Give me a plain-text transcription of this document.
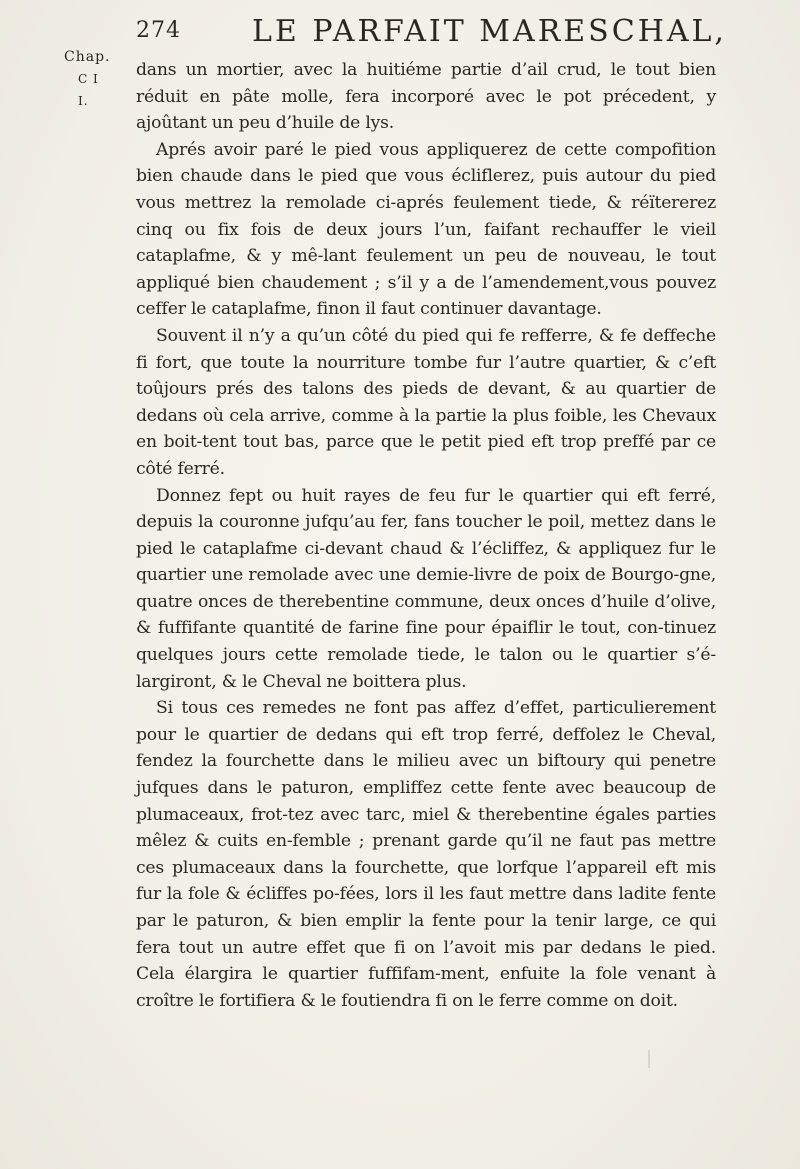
274 LE PARFAIT MARESCHAL,
Chap.
C I I.

dans un mortier, avec la huitiéme partie d’ail crud, le tout bien réduit en pâte molle, fera incorporé avec le pot précedent, y ajoûtant un peu d’huile de lys.

Aprés avoir paré le pied vous appliquerez de cette compofition bien chaude dans le pied que vous écliflerez, puis autour du pied vous mettrez la remolade ci-aprés feulement tiede, & réïtererez cinq ou fix fois de deux jours l’un, faifant rechauffer le vieil cataplafme, & y mê-lant feulement un peu de nouveau, le tout appliqué bien chaudement ; s’il y a de l’amendement,vous pouvez ceffer le cataplafme, finon il faut continuer davantage.

Souvent il n’y a qu’un côté du pied qui fe refferre, & fe deffeche fi fort, que toute la nourriture tombe fur l’autre quartier, & c’eft toûjours prés des talons des pieds de devant, & au quartier de dedans où cela arrive, comme à la partie la plus foible, les Chevaux en boit-tent tout bas, parce que le petit pied eft trop preffé par ce côté ferré.

Donnez fept ou huit rayes de feu fur le quartier qui eft ferré, depuis la couronne jufqu’au fer, fans toucher le poil, mettez dans le pied le cataplafme ci-devant chaud & l’écliffez, & appliquez fur le quartier une remolade avec une demie-livre de poix de Bourgo-gne, quatre onces de therebentine commune, deux onces d’huile d’olive, & fuffifante quantité de farine fine pour épaiflir le tout, con-tinuez quelques jours cette remolade tiede, le talon ou le quartier s’é-largiront, & le Cheval ne boittera plus.

Si tous ces remedes ne font pas affez d’effet, particulierement pour le quartier de dedans qui eft trop ferré, deffolez le Cheval, fendez la fourchette dans le milieu avec un biftoury qui penetre jufques dans le paturon, empliffez cette fente avec beaucoup de plumaceaux, frot-tez avec tarc, miel & therebentine égales parties mêlez & cuits en-femble ; prenant garde qu’il ne faut pas mettre ces plumaceaux dans la fourchette, que lorfque l’appareil eft mis fur la fole & écliffes po-fées, lors il les faut mettre dans ladite fente par le paturon, & bien emplir la fente pour la tenir large, ce qui fera tout un autre effet que fi on l’avoit mis par dedans le pied. Cela élargira le quartier fuffifam-ment, enfuite la fole venant à croître le fortifiera & le foutiendra fi on le ferre comme on doit.
